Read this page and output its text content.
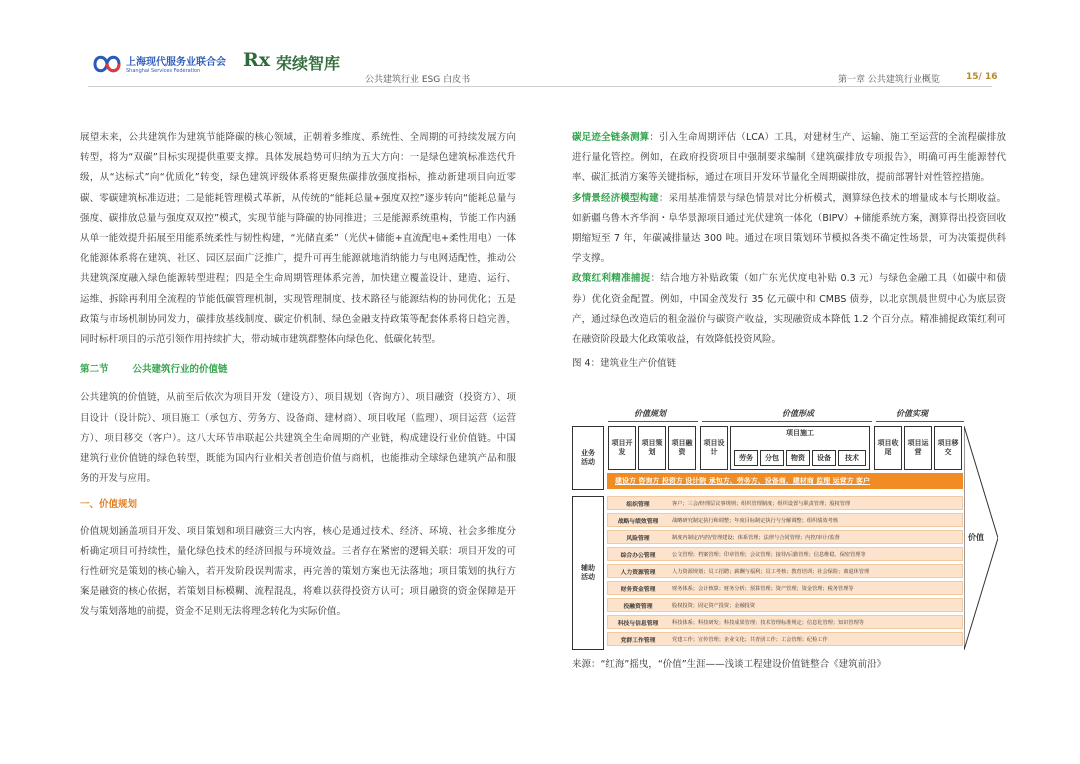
上海现代服务业联合会
Shanghai Services Federation Rx 荣续智库
公共建筑行业 ESG 白皮书	第一章 公共建筑行业概览	15/ 16

展望未来，公共建筑作为建筑节能降碳的核心领域，正朝着多维度、系统性、全周期的可持续发展方向转型，将为“双碳”目标实现提供重要支撑。具体发展趋势可归纳为五大方向：一是绿色建筑标准迭代升级，从“达标式”向“优质化”转变，绿色建筑评级体系将更聚焦碳排放强度指标，推动新建项目向近零碳、零碳建筑标准迈进；二是能耗管理模式革新，从传统的“能耗总量+强度双控”逐步转向“能耗总量与强度、碳排放总量与强度双双控”模式，实现节能与降碳的协同推进；三是能源系统重构，节能工作内涵从单一能效提升拓展至用能系统柔性与韧性构建，“光储直柔”（光伏+储能+直流配电+柔性用电）一体化能源体系将在建筑、社区、园区层面广泛推广，提升可再生能源就地消纳能力与电网适配性，推动公共建筑深度融入绿色能源转型进程；四是全生命周期管理体系完善，加快建立覆盖设计、建造、运行、运维、拆除再利用全流程的节能低碳管理机制，实现管理制度、技术路径与能源结构的协同优化；五是政策与市场机制协同发力，碳排放基线制度、碳定价机制、绿色金融支持政策等配套体系将日趋完善，同时标杆项目的示范引领作用持续扩大，带动城市建筑群整体向绿色化、低碳化转型。

第二节	公共建筑行业的价值链

公共建筑的价值链，从前至后依次为项目开发（建设方）、项目规划（咨询方）、项目融资（投资方）、项目设计（设计院）、项目施工（承包方、劳务方、设备商、建材商）、项目收尾（监理）、项目运营（运营方）、项目移交（客户）。这八大环节串联起公共建筑全生命周期的产业链，构成建设行业价值链。中国建筑行业价值链的绿色转型，既能为国内行业相关者创造价值与商机，也能推动全球绿色建筑产品和服务的开发与应用。

一、价值规划

价值规划涵盖项目开发、项目策划和项目融资三大内容，核心是通过技术、经济、环境、社会多维度分析确定项目可持续性，量化绿色技术的经济回报与环境效益。三者存在紧密的逻辑关联：项目开发的可行性研究是策划的核心输入，若开发阶段误判需求，再完善的策划方案也无法落地；项目策划的执行方案是融资的核心依据，若策划目标模糊、流程混乱，将难以获得投资方认可；项目融资的资金保障是开发与策划落地的前提，资金不足则无法将理念转化为实际价值。

碳足迹全链条测算：引入生命周期评估（LCA）工具，对建材生产、运输、施工至运营的全流程碳排放进行量化管控。例如，在政府投资项目中强制要求编制《建筑碳排放专项报告》，明确可再生能源替代率、碳汇抵消方案等关键指标，通过在项目开发环节量化全周期碳排放，提前部署针对性管控措施。

多情景经济模型构建：采用基准情景与绿色情景对比分析模式，测算绿色技术的增量成本与长期收益。如新疆乌鲁木齐华润・阜华景源项目通过光伏建筑一体化（BIPV）+储能系统方案，测算得出投资回收期缩短至 7 年，年碳减排量达 300 吨。通过在项目策划环节模拟各类不确定性场景，可为决策提供科学支撑。

政策红利精准捕捉：结合地方补贴政策（如广东光伏度电补贴 0.3 元）与绿色金融工具（如碳中和债券）优化资金配置。例如，中国金茂发行 35 亿元碳中和 CMBS 债券，以北京凯晨世贸中心为底层资产，通过绿色改造后的租金溢价与碳资产收益，实现融资成本降低 1.2 个百分点。精准捕捉政策红利可在融资阶段最大化政策收益，有效降低投资风险。

图 4：建筑业生产价值链

价值规划	价值形成	价值实现
业务
活动
项目开发
项目策划
项目融资
项目设计
项目施工
劳务	分包	物资	设备	技术
项目收尾
项目运营
项目移交
建设方 咨询方 投资方 设计院 承包方、劳务方、设备商、建材商 监理 运营方 客户
辅助
活动
组织管理	客户；三会/经理层议事规则；组织管理制度；组织设置与职责管理；股权管理
战略与绩效管理	战略研究制定执行和调整；年度目标制定执行与分解调整；组织绩效考核
风险管理	制度内制定/内控/管理建设；体系管理；法律与合同管理；内控/审计/监督
综合办公管理	公文管理；档案管理；印章管理；会议管理；接待/后勤管理；信息维稳、保密管理等
人力资源管理	人力资源规划；员工招聘；薪酬与福利；员工考核；教育培训；社会保险；离退休管理
财务资金管理	财务体系；会计核算；财务分析；预算管理；资产管理；资金管理；税务管理等
投融资管理	股权投资；固定资产投资；金融投资
科技与信息管理	科技体系；科技研发；科技成果管理；技术管理标准规定；信息化管理；知识管理等
党群工作管理	党建工作；宣传管理；企业文化；共青团工作；工会管理；纪检工作
价值
来源：“红海”摇曳，“价值”生涯——浅谈工程建设价值链整合《建筑前沿》
